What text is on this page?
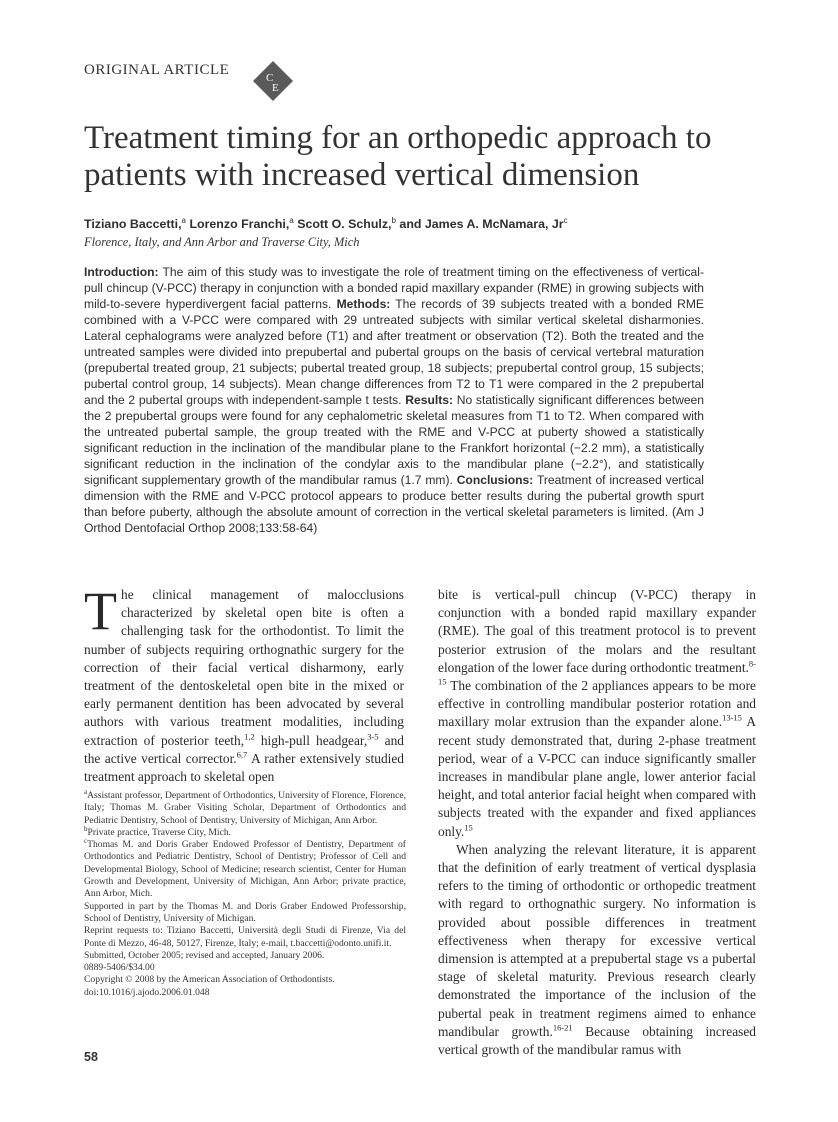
ORIGINAL ARTICLE	C
E
Treatment timing for an orthopedic approach to patients with increased vertical dimension
Tiziano Baccetti,$^a$ Lorenzo Franchi,$^a$ Scott O. Schulz,$^b$ and James A. McNamara, Jr$^c$
Florence, Italy, and Ann Arbor and Traverse City, Mich

Introduction: The aim of this study was to investigate the role of treatment timing on the effectiveness of vertical-pull chincup (V-PCC) therapy in conjunction with a bonded rapid maxillary expander (RME) in growing subjects with mild-to-severe hyperdivergent facial patterns. Methods: The records of 39 subjects treated with a bonded RME combined with a V-PCC were compared with 29 untreated subjects with similar vertical skeletal disharmonies. Lateral cephalograms were analyzed before (T1) and after treatment or observation (T2). Both the treated and the untreated samples were divided into prepubertal and pubertal groups on the basis of cervical vertebral maturation (prepubertal treated group, 21 subjects; pubertal treated group, 18 subjects; prepubertal control group, 15 subjects; pubertal control group, 14 subjects). Mean change differences from T2 to T1 were compared in the 2 prepubertal and the 2 pubertal groups with independent-sample t tests. Results: No statistically significant differences between the 2 prepubertal groups were found for any cephalometric skeletal measures from T1 to T2. When compared with the untreated pubertal sample, the group treated with the RME and V-PCC at puberty showed a statistically significant reduction in the inclination of the mandibular plane to the Frankfort horizontal (−2.2 mm), a statistically significant reduction in the inclination of the condylar axis to the mandibular plane (−2.2°), and statistically significant supplementary growth of the mandibular ramus (1.7 mm). Conclusions: Treatment of increased vertical dimension with the RME and V-PCC protocol appears to produce better results during the pubertal growth spurt than before puberty, although the absolute amount of correction in the vertical skeletal parameters is limited. (Am J Orthod Dentofacial Orthop 2008;133:58-64)

The clinical management of malocclusions characterized by skeletal open bite is often a challenging task for the orthodontist. To limit the number of subjects requiring orthognathic surgery for the correction of their facial vertical disharmony, early treatment of the dentoskeletal open bite in the mixed or early permanent dentition has been advocated by several authors with various treatment modalities, including extraction of posterior teeth,$^{1,2}$ high-pull headgear,$^{3-5}$ and the active vertical corrector.$^{6,7}$ A rather extensively studied treatment approach to skeletal open

$^a$Assistant professor, Department of Orthodontics, University of Florence, Florence, Italy; Thomas M. Graber Visiting Scholar, Department of Orthodontics and Pediatric Dentistry, School of Dentistry, University of Michigan, Ann Arbor.

$^b$Private practice, Traverse City, Mich.

$^c$Thomas M. and Doris Graber Endowed Professor of Dentistry, Department of Orthodontics and Pediatric Dentistry, School of Dentistry; Professor of Cell and Developmental Biology, School of Medicine; research scientist, Center for Human Growth and Development, University of Michigan, Ann Arbor; private practice, Ann Arbor, Mich.

Supported in part by the Thomas M. and Doris Graber Endowed Professorship, School of Dentistry, University of Michigan.

Reprint requests to: Tiziano Baccetti, Università degli Studi di Firenze, Via del Ponte di Mezzo, 46-48, 50127, Firenze, Italy; e-mail, t.baccetti@odonto.unifi.it.

Submitted, October 2005; revised and accepted, January 2006.

0889-5406/$34.00

Copyright © 2008 by the American Association of Orthodontists.

doi:10.1016/j.ajodo.2006.01.048

bite is vertical-pull chincup (V-PCC) therapy in conjunction with a bonded rapid maxillary expander (RME). The goal of this treatment protocol is to prevent posterior extrusion of the molars and the resultant elongation of the lower face during orthodontic treatment.$^{8-15}$ The combination of the 2 appliances appears to be more effective in controlling mandibular posterior rotation and maxillary molar extrusion than the expander alone.$^{13-15}$ A recent study demonstrated that, during 2-phase treatment period, wear of a V-PCC can induce significantly smaller increases in mandibular plane angle, lower anterior facial height, and total anterior facial height when compared with subjects treated with the expander and fixed appliances only.$^{15}$

When analyzing the relevant literature, it is apparent that the definition of early treatment of vertical dysplasia refers to the timing of orthodontic or orthopedic treatment with regard to orthognathic surgery. No information is provided about possible differences in treatment effectiveness when therapy for excessive vertical dimension is attempted at a prepubertal stage vs a pubertal stage of skeletal maturity. Previous research clearly demonstrated the importance of the inclusion of the pubertal peak in treatment regimens aimed to enhance mandibular growth.$^{16-21}$ Because obtaining increased vertical growth of the mandibular ramus with

58
